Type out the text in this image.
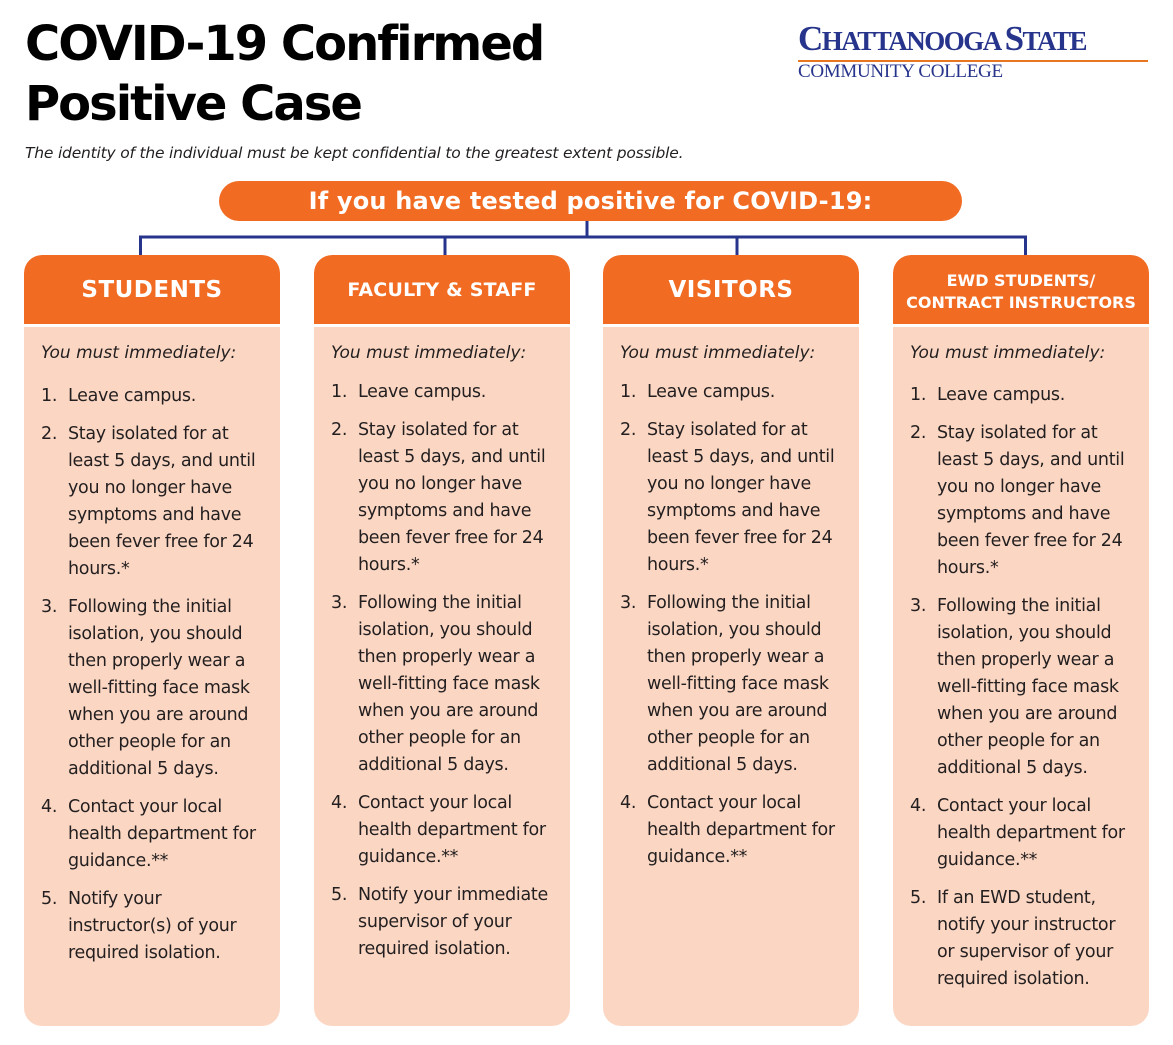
COVID-19 Confirmed
Positive Case
The identity of the individual must be kept confidential to the greatest extent possible.
CHATTANOOGA STATE
COMMUNITY COLLEGE
If you have tested positive for COVID-19:
STUDENTS
You must immediately:
1. Leave campus.
2. Stay isolated for at least 5 days, and until you no longer have symptoms and have been fever free for 24 hours.*
3. Following the initial isolation, you should then properly wear a well-fitting face mask when you are around other people for an additional 5 days.
4. Contact your local health department for guidance.**
5. Notify your instructor(s) of your required isolation.
FACULTY & STAFF
You must immediately:
1. Leave campus.
2. Stay isolated for at least 5 days, and until you no longer have symptoms and have been fever free for 24 hours.*
3. Following the initial isolation, you should then properly wear a well-fitting face mask when you are around other people for an additional 5 days.
4. Contact your local health department for guidance.**
5. Notify your immediate supervisor of your required isolation.
VISITORS
You must immediately:
1. Leave campus.
2. Stay isolated for at least 5 days, and until you no longer have symptoms and have been fever free for 24 hours.*
3. Following the initial isolation, you should then properly wear a well-fitting face mask when you are around other people for an additional 5 days.
4. Contact your local health department for guidance.**
EWD STUDENTS/
CONTRACT INSTRUCTORS
You must immediately:
1. Leave campus.
2. Stay isolated for at least 5 days, and until you no longer have symptoms and have been fever free for 24 hours.*
3. Following the initial isolation, you should then properly wear a well-fitting face mask when you are around other people for an additional 5 days.
4. Contact your local health department for guidance.**
5. If an EWD student, notify your instructor or supervisor of your required isolation.
